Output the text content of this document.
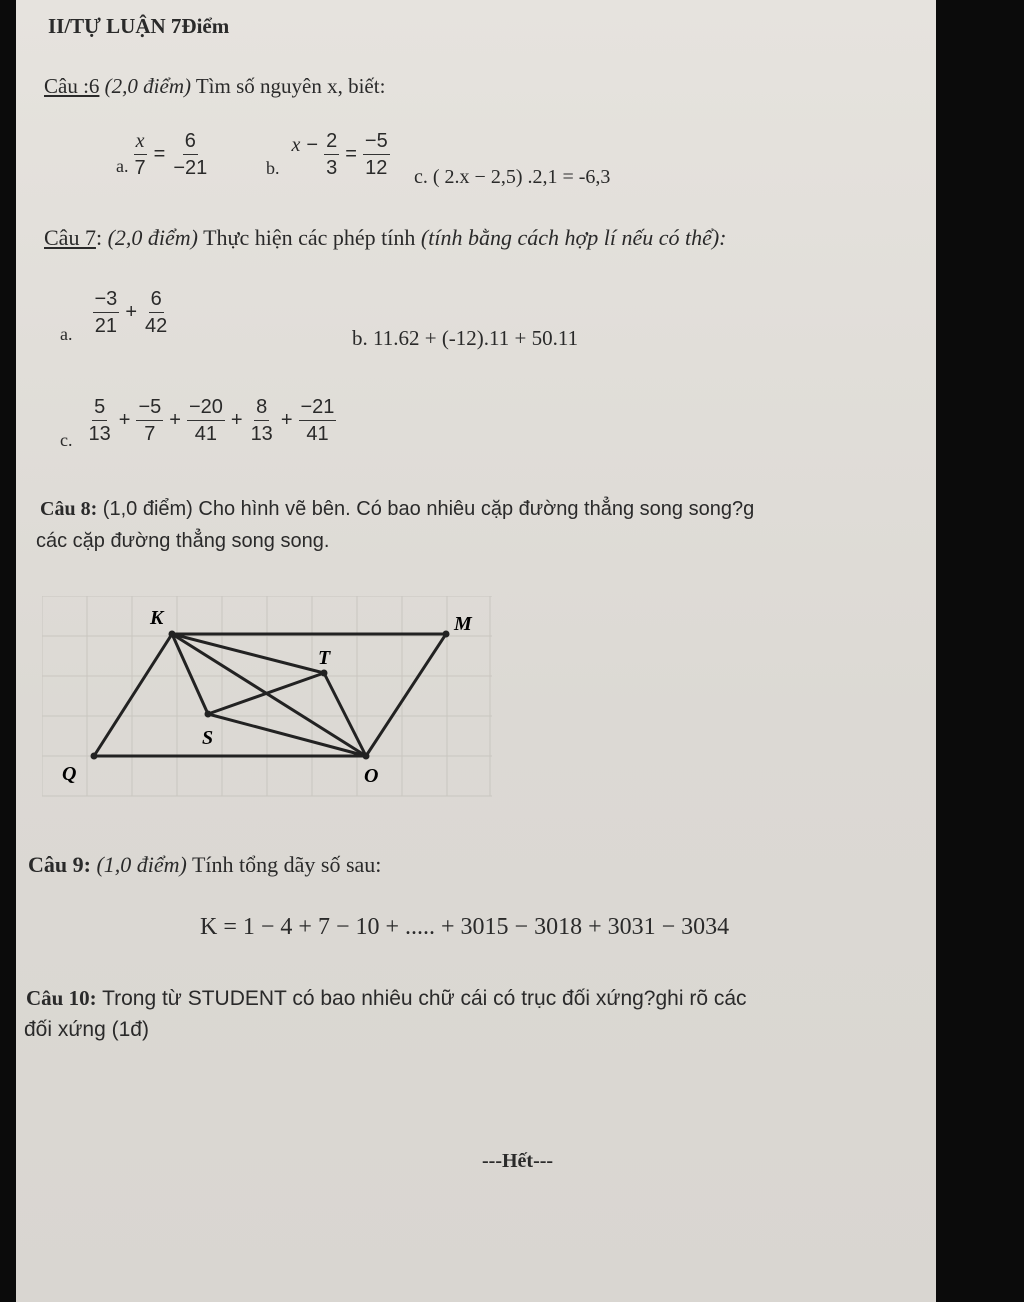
II/TỰ LUẬN 7Điểm
Câu :6 (2,0 điểm) Tìm số nguyên x, biết:
a. $\frac{x}{7} = \frac{6}{-21}$	b.
$x - \frac{2}{3} = \frac{-5}{12} c$. ( 2.x − 2,5) .2,1 = -6,3
Câu 7: (2,0 điểm) Thực hiện các phép tính (tính bằng cách hợp lí nếu có thể):
a. $\frac{-3}{21} + \frac{6}{42}$
b. 11.62 + (-12).11 + 50.11
c. $\frac{5}{13} + \frac{-5}{7} + \frac{-20}{41} + \frac{8}{13} + \frac{-21}{41}$
Câu 8: (1,0 điểm) Cho hình vẽ bên. Có bao nhiêu cặp đường thẳng song song?g
các cặp đường thẳng song song.
K	M
T
S
Q	O
Câu 9: (1,0 điểm) Tính tổng dãy số sau:
K = 1 − 4 + 7 − 10 + ..... + 3015 − 3018 + 3031 − 3034
Câu 10: Trong từ STUDENT có bao nhiêu chữ cái có trục đối xứng?ghi rõ các
đối xứng (1đ)
---Hết---
